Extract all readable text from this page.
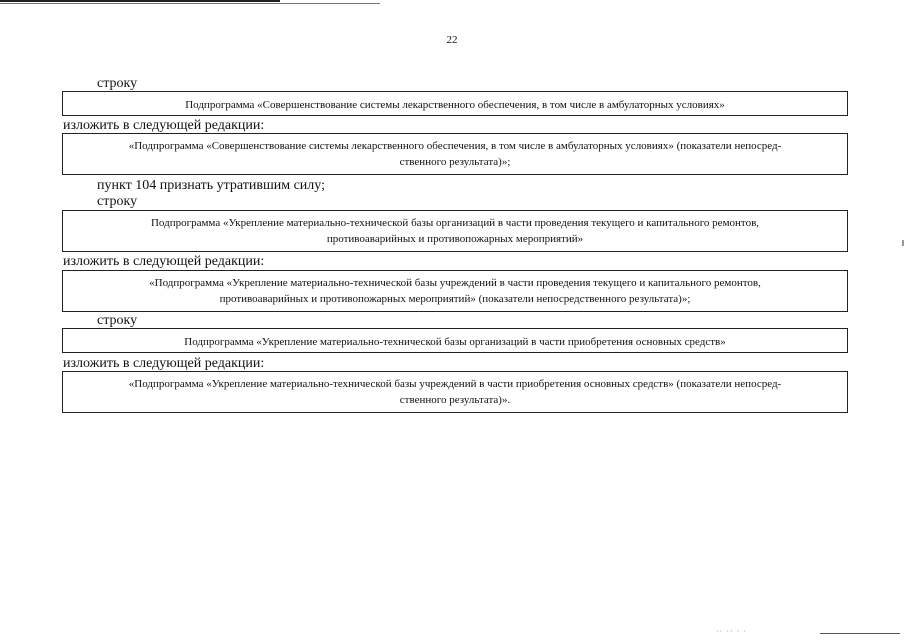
·· ·· · ·
22
строку
Подпрограмма «Совершенствование системы лекарственного обеспечения, в том числе в амбулаторных условиях»
изложить в следующей редакции:
«Подпрограмма «Совершенствование системы лекарственного обеспечения, в том числе в амбулаторных условиях» (показатели непосред-
ственного результата)»;
пункт 104 признать утратившим силу;
строку
Подпрограмма «Укрепление материально-технической базы организаций в части проведения текущего и капитального ремонтов,
противоаварийных и противопожарных мероприятий»
изложить в следующей редакции:
«Подпрограмма «Укрепление материально-технической базы учреждений в части проведения текущего и капитального ремонтов,
противоаварийных и противопожарных мероприятий» (показатели непосредственного результата)»;
строку
Подпрограмма «Укрепление материально-технической базы организаций в части приобретения основных средств»
изложить в следующей редакции:
«Подпрограмма «Укрепление материально-технической базы учреждений в части приобретения основных средств» (показатели непосред-
ственного результата)».
